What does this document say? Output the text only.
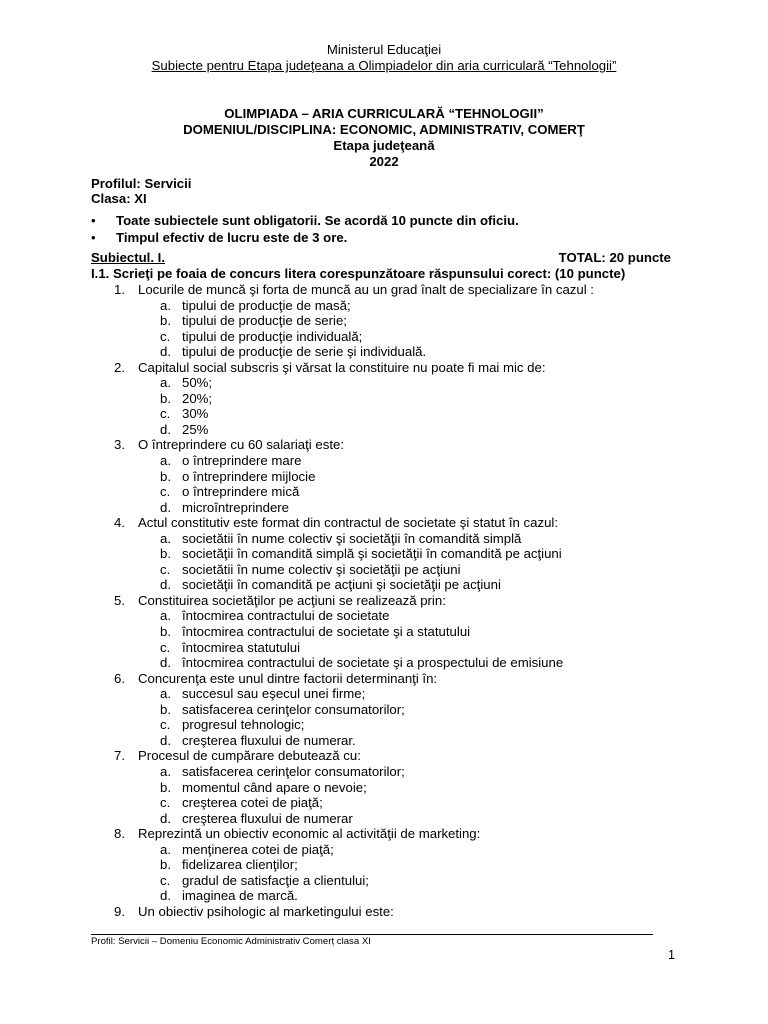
Ministerul Educaţiei
Subiecte pentru Etapa judeţeana a Olimpiadelor din aria curriculară “Tehnologii”
OLIMPIADA – ARIA CURRICULARĂ “TEHNOLOGII”
DOMENIUL/DISCIPLINA: ECONOMIC, ADMINISTRATIV, COMERŢ
Etapa judeţeană
2022
Profilul: Servicii
Clasa: XI
• Toate subiectele sunt obligatorii. Se acordă 10 puncte din oficiu.
• Timpul efectiv de lucru este de 3 ore.
Subiectul. I.	TOTAL: 20 puncte
I.1. Scrieţi pe foaia de concurs litera corespunzătoare răspunsului corect: (10 puncte)
1. Locurile de muncă şi forta de muncă au un grad înalt de specializare în cazul :
a. tipului de producţie de masă;
b. tipului de producţie de serie;
c. tipului de producţie individuală;
d. tipului de producţie de serie şi individuală.
2. Capitalul social subscris şi vărsat la constituire nu poate fi mai mic de:
a. 50%;
b. 20%;
c. 30%
d. 25%
3. O întreprindere cu 60 salariaţi este:
a. o întreprindere mare
b. o întreprindere mijlocie
c. o întreprindere mică
d. microîntreprindere
4. Actul constitutiv este format din contractul de societate şi statut în cazul:
a. societătii în nume colectiv şi societăţii în comandită simplă
b. societăţii în comandită simplă şi societăţii în comandită pe acţiuni
c. societătii în nume colectiv şi societăţii pe acţiuni
d. societăţii în comandită pe acţiuni şi societăţii pe acţiuni
5. Constituirea societăţilor pe acţiuni se realizează prin:
a. întocmirea contractului de societate
b. întocmirea contractului de societate şi a statutului
c. întocmirea statutului
d. întocmirea contractului de societate şi a prospectului de emisiune
6. Concurenţa este unul dintre factorii determinanţi în:
a. succesul sau eşecul unei firme;
b. satisfacerea cerinţelor consumatorilor;
c. progresul tehnologic;
d. creşterea fluxului de numerar.
7. Procesul de cumpărare debutează cu:
a. satisfacerea cerinţelor consumatorilor;
b. momentul când apare o nevoie;
c. creşterea cotei de piaţă;
d. creşterea fluxului de numerar
8. Reprezintă un obiectiv economic al activităţii de marketing:
a. menţinerea cotei de piaţă;
b. fidelizarea clienţilor;
c. gradul de satisfacţie a clientului;
d. imaginea de marcă.
9. Un obiectiv psihologic al marketingului este:
Profil: Servicii – Domeniu Economic Administrativ Comerț clasa XI
1
